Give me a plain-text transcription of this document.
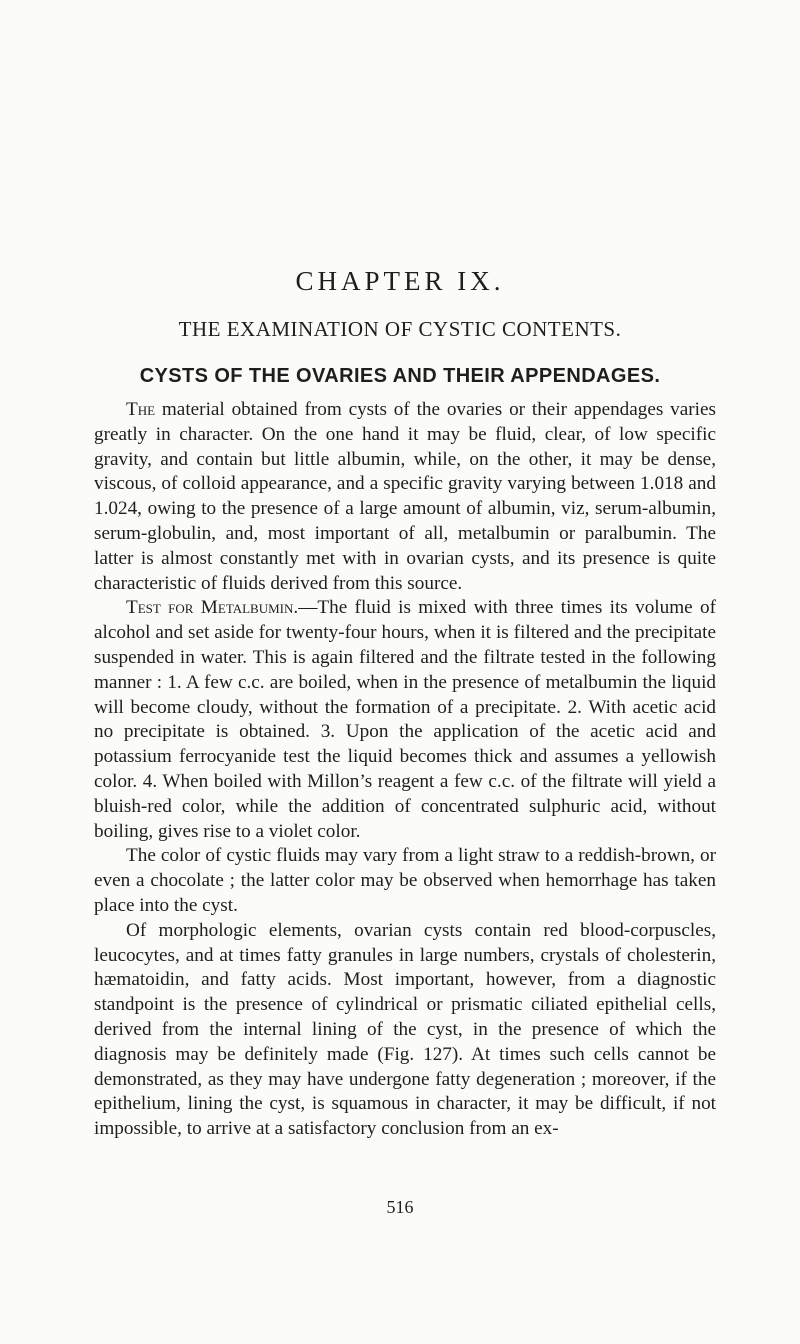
CHAPTER IX.
THE EXAMINATION OF CYSTIC CONTENTS.
CYSTS OF THE OVARIES AND THEIR APPENDAGES.

The material obtained from cysts of the ovaries or their appendages varies greatly in character. On the one hand it may be fluid, clear, of low specific gravity, and contain but little albumin, while, on the other, it may be dense, viscous, of colloid appearance, and a specific gravity varying between 1.018 and 1.024, owing to the presence of a large amount of albumin, viz, serum-albumin, serum-globulin, and, most important of all, metalbumin or paralbumin. The latter is almost constantly met with in ovarian cysts, and its presence is quite characteristic of fluids derived from this source.

Test for Metalbumin.—The fluid is mixed with three times its volume of alcohol and set aside for twenty-four hours, when it is filtered and the precipitate suspended in water. This is again filtered and the filtrate tested in the following manner : 1. A few c.c. are boiled, when in the presence of metalbumin the liquid will become cloudy, without the formation of a precipitate. 2. With acetic acid no precipitate is obtained. 3. Upon the application of the acetic acid and potassium ferrocyanide test the liquid becomes thick and assumes a yellowish color. 4. When boiled with Millon’s reagent a few c.c. of the filtrate will yield a bluish-red color, while the addition of concentrated sulphuric acid, without boiling, gives rise to a violet color.

The color of cystic fluids may vary from a light straw to a reddish-brown, or even a chocolate ; the latter color may be observed when hemorrhage has taken place into the cyst.

Of morphologic elements, ovarian cysts contain red blood-corpuscles, leucocytes, and at times fatty granules in large numbers, crystals of cholesterin, hæmatoidin, and fatty acids. Most important, however, from a diagnostic standpoint is the presence of cylindrical or prismatic ciliated epithelial cells, derived from the internal lining of the cyst, in the presence of which the diagnosis may be definitely made (Fig. 127). At times such cells cannot be demonstrated, as they may have undergone fatty degeneration ; moreover, if the epithelium, lining the cyst, is squamous in character, it may be difficult, if not impossible, to arrive at a satisfactory conclusion from an ex-

516
